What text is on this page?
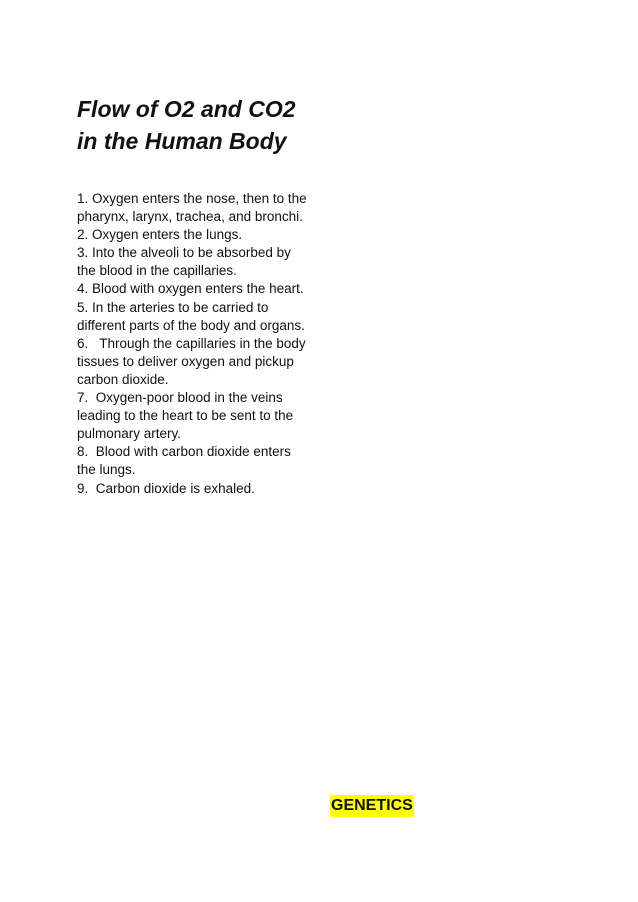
Flow of O2 and CO2
in the Human Body

1. Oxygen enters the nose, then to the pharynx, larynx, trachea, and bronchi.

2. Oxygen enters the lungs.

3. Into the alveoli to be absorbed by the blood in the capillaries.

4. Blood with oxygen enters the heart.

5. In the arteries to be carried to different parts of the body and organs.

6.   Through the capillaries in the body tissues to deliver oxygen and pickup carbon dioxide.

7.  Oxygen-poor blood in the veins leading to the heart to be sent to the pulmonary artery.

8.  Blood with carbon dioxide enters the lungs.

9.  Carbon dioxide is exhaled.

GENETICS
